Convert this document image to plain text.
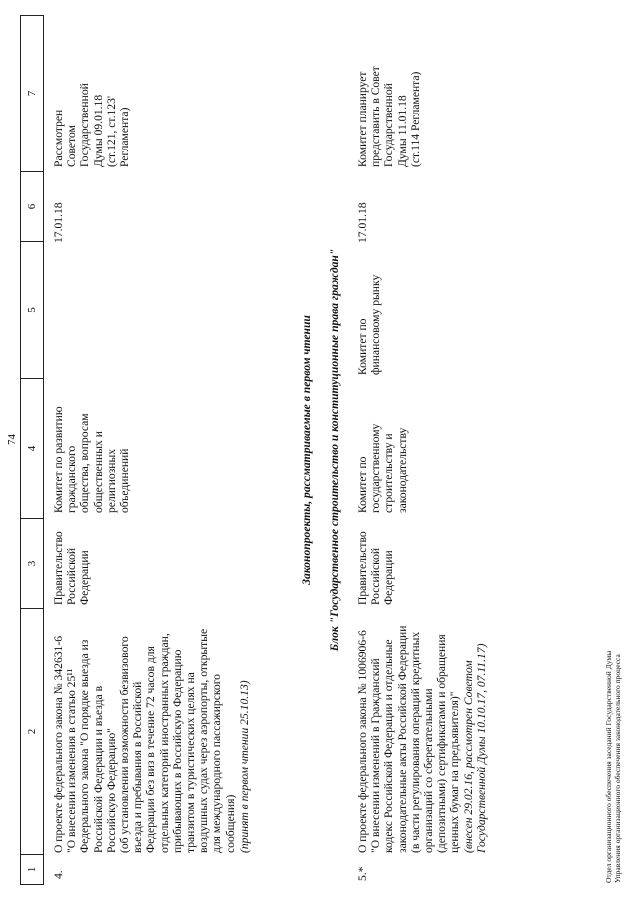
74
1
2
3
4
5
6
7
4.
О проекте федерального закона № 342631-6
"О внесении изменения в статью 25¹¹
Федерального закона "О порядке выезда из
Российской Федерации и въезда в
Российскую Федерацию"
(об установлении возможности безвизового
въезда и пребывания в Российской
Федерации без виз в течение 72 часов для
отдельных категорий иностранных граждан,
прибывающих в Российскую Федерацию
транзитом в туристических целях на
воздушных судах через аэропорты, открытые
для международного пассажирского
сообщения) (принят в первом чтении 25.10.13)
Правительство
Российской
Федерации
Комитет по развитию
гражданского
общества, вопросам
общественных и
религиозных
объединений
17.01.18
Рассмотрен
Советом
Государственной
Думы 09.01.18
(ст.121, ст.123'
Регламента)
Законопроекты, рассматриваемые в первом чтении Блок "Государственное строительство и конституционные права граждан"
5.*
О проекте федерального закона № 1006906-6
"О внесении изменений в Гражданский
кодекс Российской Федерации и отдельные
законодательные акты Российской Федерации
(в части регулирования операций кредитных
организаций со сберегательными
(депозитными) сертификатами и обращения
ценных бумаг на предъявителя)"
(внесен 29.02.16, рассмотрен Советом
Государственной Думы 10.10.17, 07.11.17)
Правительство
Российской
Федерации
Комитет по
государственному
строительству и
законодательству
Комитет по
финансовому рынку
17.01.18
Комитет планирует
представить в Совет
Государственной
Думы 11.01.18
(ст.114 Регламента)
Отдел организационного обеспечения заседаний Государственной Думы
Управления организационного обеспечения законодательного процесса
